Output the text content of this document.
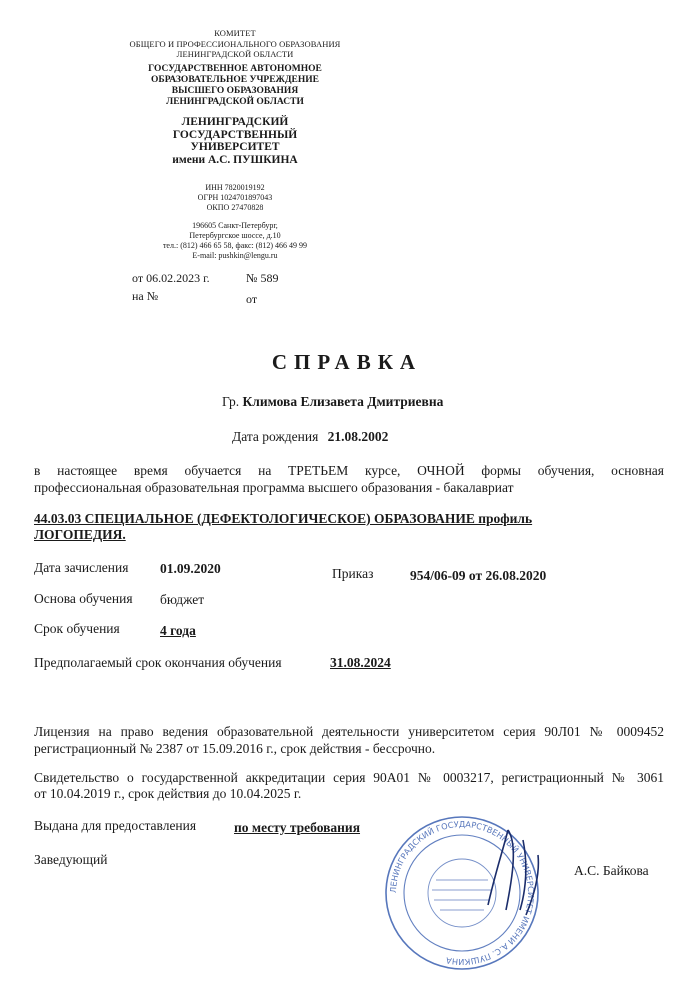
КОМИТЕТ
ОБЩЕГО И ПРОФЕССИОНАЛЬНОГО ОБРАЗОВАНИЯ
ЛЕНИНГРАДСКОЙ ОБЛАСТИ
ГОСУДАРСТВЕННОЕ АВТОНОМНОЕ
ОБРАЗОВАТЕЛЬНОЕ УЧРЕЖДЕНИЕ
ВЫСШЕГО ОБРАЗОВАНИЯ
ЛЕНИНГРАДСКОЙ ОБЛАСТИ
ЛЕНИНГРАДСКИЙ
ГОСУДАРСТВЕННЫЙ
УНИВЕРСИТЕТ
имени А.С. ПУШКИНА
ИНН 7820019192
ОГРН 1024701897043
ОКПО 27470828
196605 Санкт-Петербург,
Петербургское шоссе, д.10
тел.: (812) 466 65 58, факс: (812) 466 49 99
E-mail: pushkin@lengu.ru
от 06.02.2023 г.	№ 589
на №	от
СПРАВКА
Гр. Климова Елизавета Дмитриевна
Дата рождения 21.08.2002
в настоящее время обучается на ТРЕТЬЕМ курсе, ОЧНОЙ формы обучения, основная
профессиональная образовательная программа высшего образования - бакалавриат
44.03.03 СПЕЦИАЛЬНОЕ (ДЕФЕКТОЛОГИЧЕСКОЕ) ОБРАЗОВАНИЕ профиль
ЛОГОПЕДИЯ.
Дата зачисления 01.09.2020	Приказ	954/06-09 от 26.08.2020
Основа обучения бюджет
Срок обучения	4 года
Предполагаемый срок окончания обучения	31.08.2024
Лицензия на право ведения образовательной деятельности университетом серия 90Л01 № 0009452
регистрационный № 2387 от 15.09.2016 г., срок действия - бессрочно.
Свидетельство о государственной аккредитации серия 90А01 № 0003217, регистрационный № 3061
от 10.04.2019 г., срок действия до 10.04.2025 г.
Выдана для предоставления	по месту требования
Заведующий
А.С. Байкова
ЛЕНИНГРАДСКИЙ ГОСУДАРСТВЕННЫЙ УНИВЕРСИТЕТ ИМЕНИ А.С. ПУШКИНА
